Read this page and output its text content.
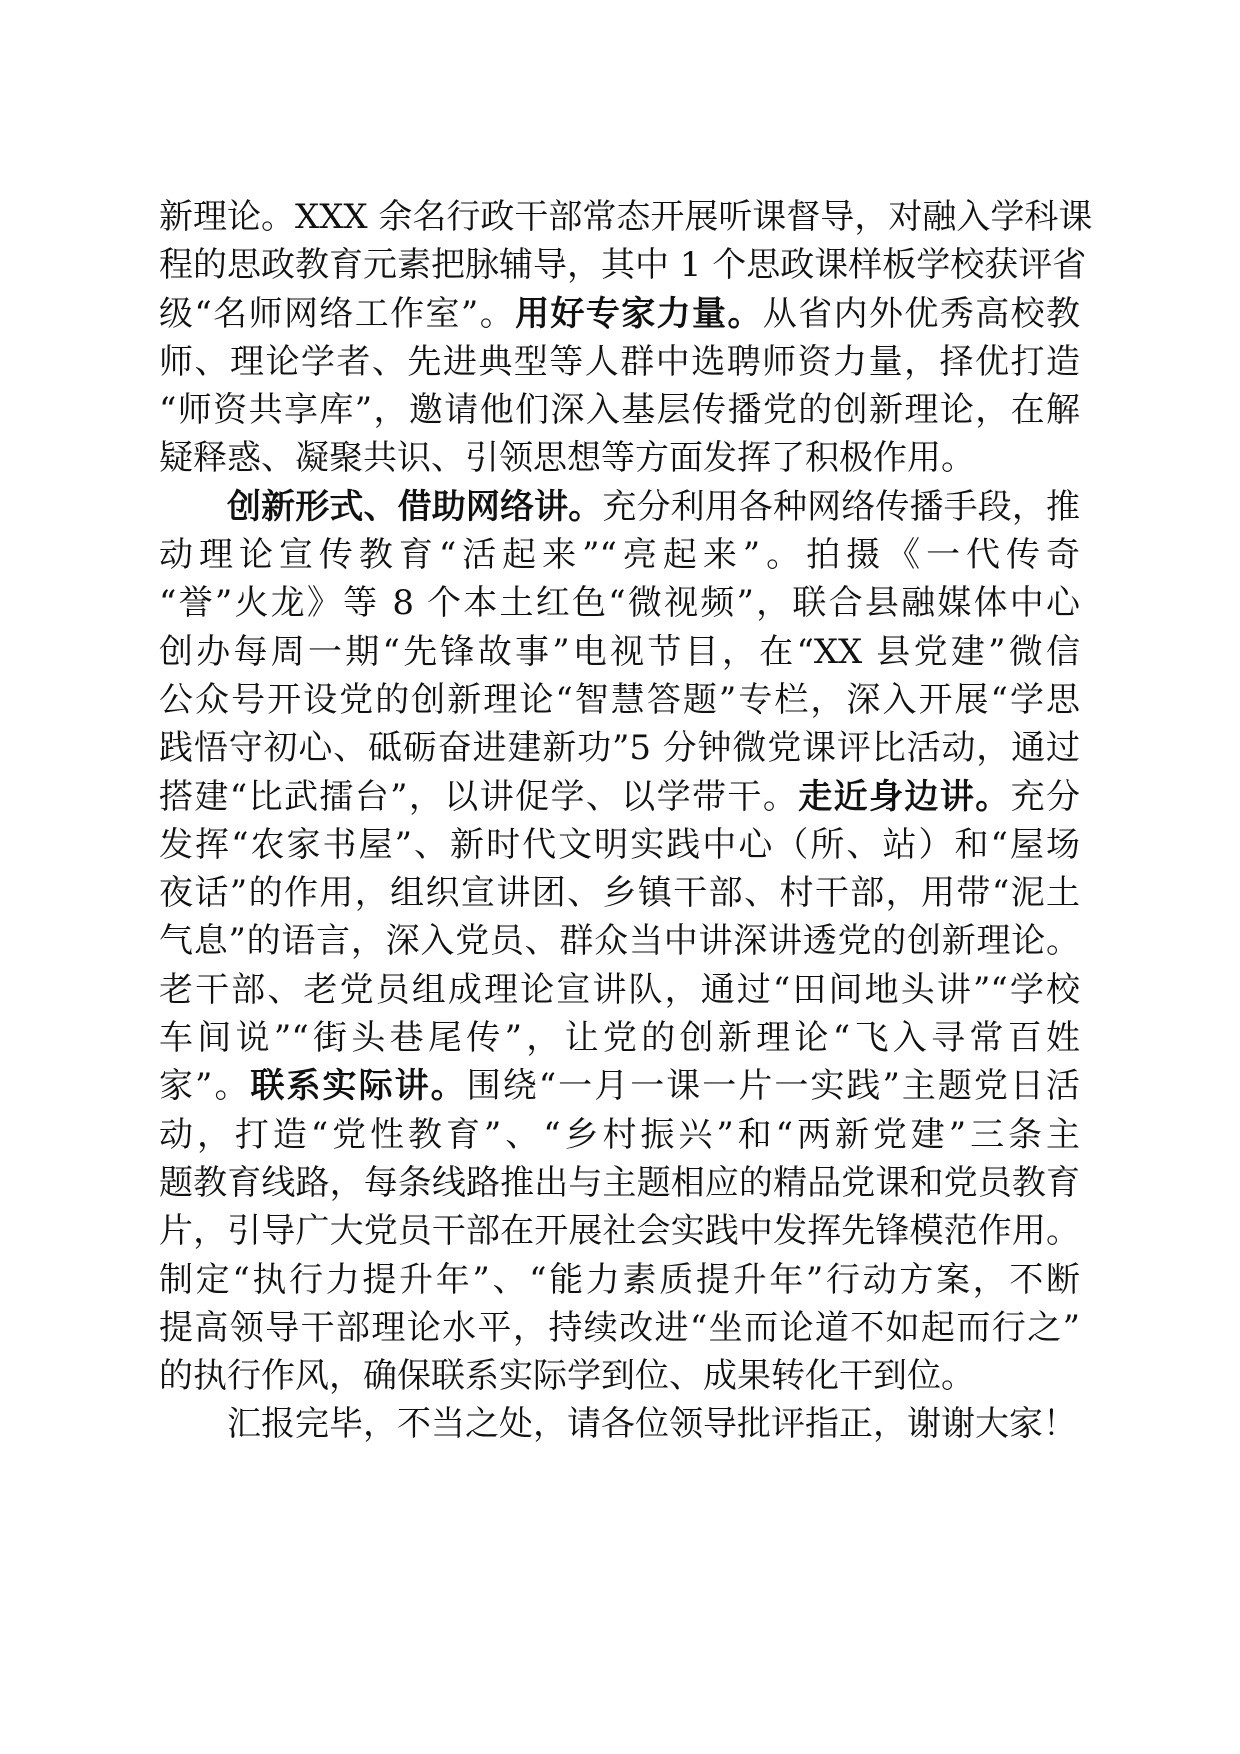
新理论。XXX 余名行政干部常态开展听课督导，对融入学科课
程的思政教育元素把脉辅导，其中 1 个思政课样板学校获评省
级“名师网络工作室”。用好专家力量。从省内外优秀高校教
师、理论学者、先进典型等人群中选聘师资力量，择优打造
“师资共享库”，邀请他们深入基层传播党的创新理论，在解
疑释惑、凝聚共识、引领思想等方面发挥了积极作用。
创新形式、借助网络讲。充分利用各种网络传播手段，推
动理论宣传教育“活起来”“亮起来”。拍摄《一代传奇
“誉”火龙》等 8 个本土红色“微视频”，联合县融媒体中心
创办每周一期“先锋故事”电视节目，在“XX 县党建”微信
公众号开设党的创新理论“智慧答题”专栏，深入开展“学思
践悟守初心、砥砺奋进建新功”5 分钟微党课评比活动，通过
搭建“比武擂台”，以讲促学、以学带干。走近身边讲。充分
发挥“农家书屋”、新时代文明实践中心（所、站）和“屋场
夜话”的作用，组织宣讲团、乡镇干部、村干部，用带“泥土
气息”的语言，深入党员、群众当中讲深讲透党的创新理论。
老干部、老党员组成理论宣讲队，通过“田间地头讲”“学校
车间说”“街头巷尾传”，让党的创新理论“飞入寻常百姓
家”。联系实际讲。围绕“一月一课一片一实践”主题党日活
动，打造“党性教育”、“乡村振兴”和“两新党建”三条主
题教育线路，每条线路推出与主题相应的精品党课和党员教育
片，引导广大党员干部在开展社会实践中发挥先锋模范作用。
制定“执行力提升年”、“能力素质提升年”行动方案，不断
提高领导干部理论水平，持续改进“坐而论道不如起而行之”
的执行作风，确保联系实际学到位、成果转化干到位。
汇报完毕，不当之处，请各位领导批评指正，谢谢大家！
